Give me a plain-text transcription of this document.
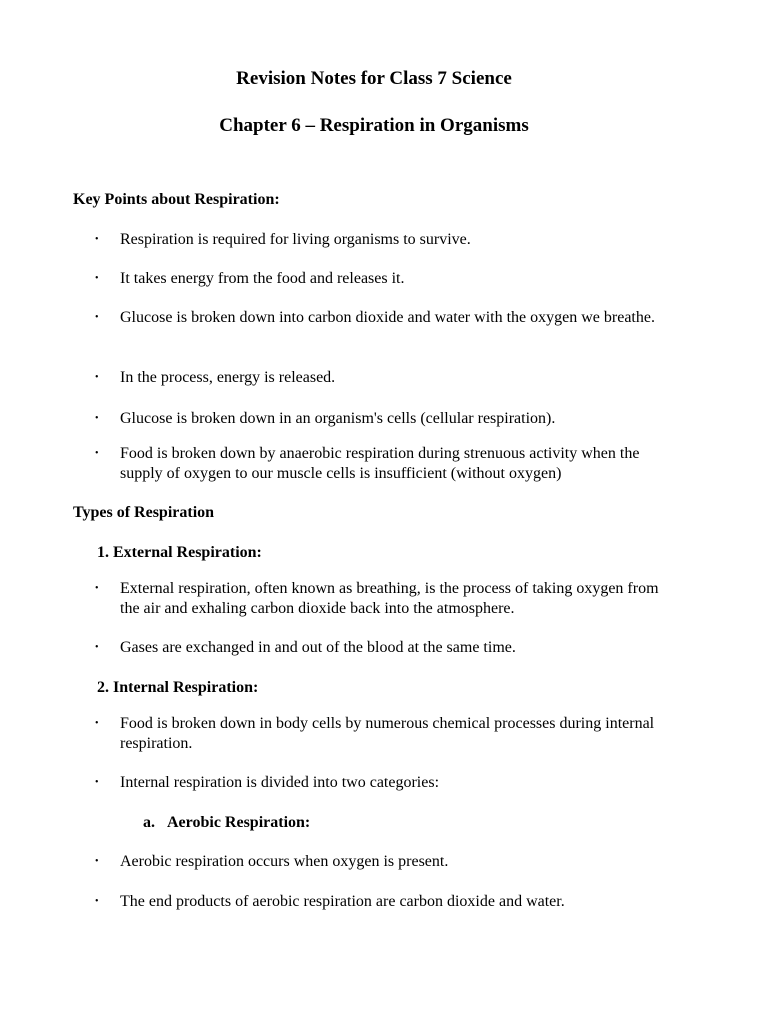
Revision Notes for Class 7 Science
Chapter 6 – Respiration in Organisms
Key Points about Respiration:
• Respiration is required for living organisms to survive.
• It takes energy from the food and releases it.
• Glucose is broken down into carbon dioxide and water with the oxygen we breathe.
• In the process, energy is released.
• Glucose is broken down in an organism's cells (cellular respiration).
• Food is broken down by anaerobic respiration during strenuous activity when the supply of oxygen to our muscle cells is insufficient (without oxygen)
Types of Respiration
1. External Respiration:
• External respiration, often known as breathing, is the process of taking oxygen from the air and exhaling carbon dioxide back into the atmosphere.
• Gases are exchanged in and out of the blood at the same time.
2. Internal Respiration:
• Food is broken down in body cells by numerous chemical processes during internal respiration.
• Internal respiration is divided into two categories:
a. Aerobic Respiration:
• Aerobic respiration occurs when oxygen is present.
• The end products of aerobic respiration are carbon dioxide and water.
